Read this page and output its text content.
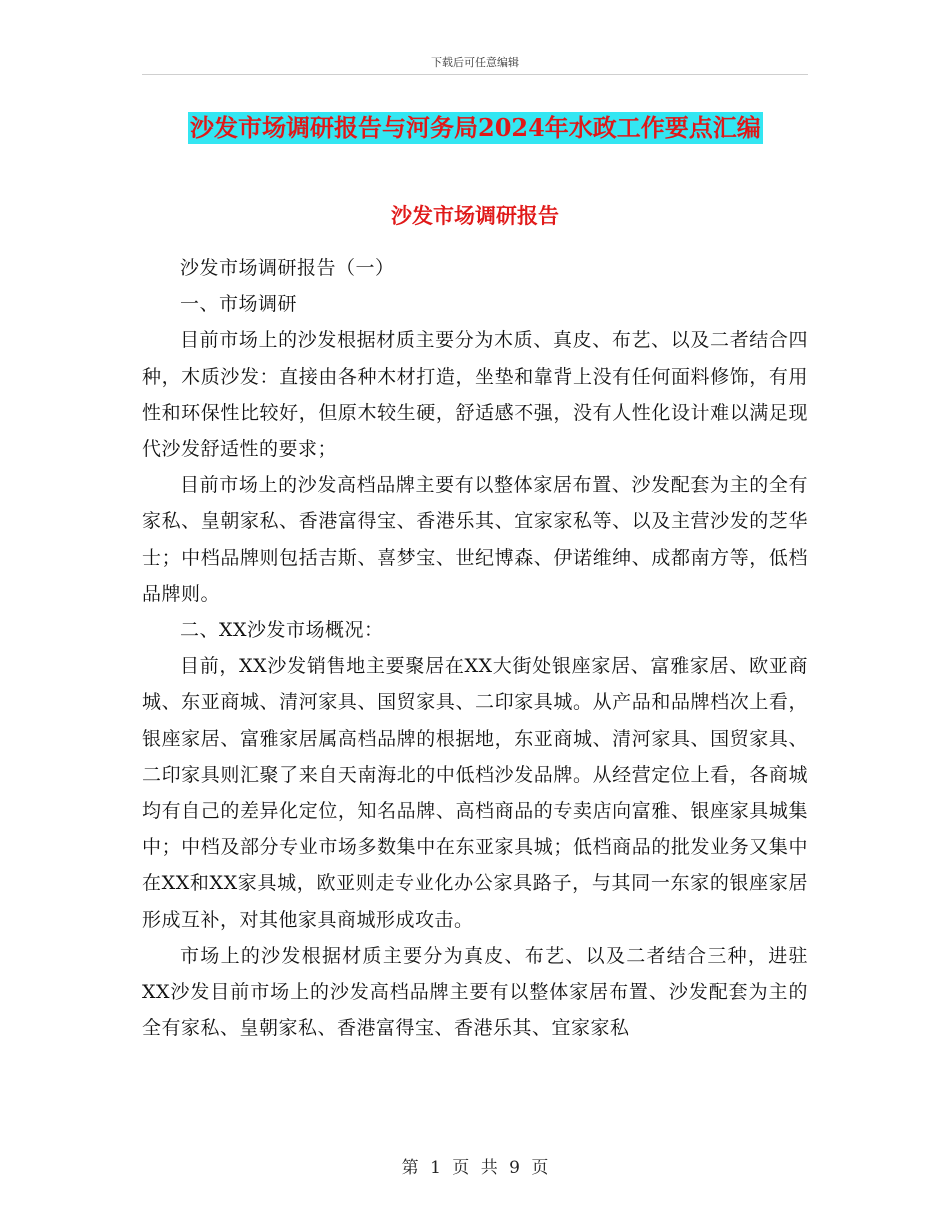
下载后可任意编辑
沙发市场调研报告与河务局2024年水政工作要点汇编
沙发市场调研报告

沙发市场调研报告（一）

一、市场调研

目前市场上的沙发根据材质主要分为木质、真皮、布艺、以及二者结合四种，木质沙发：直接由各种木材打造，坐垫和靠背上没有任何面料修饰，有用性和环保性比较好，但原木较生硬，舒适感不强，没有人性化设计难以满足现代沙发舒适性的要求；

目前市场上的沙发高档品牌主要有以整体家居布置、沙发配套为主的全有家私、皇朝家私、香港富得宝、香港乐其、宜家家私等、以及主营沙发的芝华士；中档品牌则包括吉斯、喜梦宝、世纪博森、伊诺维绅、成都南方等，低档品牌则。

二、XX沙发市场概况：

目前，XX沙发销售地主要聚居在XX大街处银座家居、富雅家居、欧亚商城、东亚商城、清河家具、国贸家具、二印家具城。从产品和品牌档次上看，银座家居、富雅家居属高档品牌的根据地，东亚商城、清河家具、国贸家具、二印家具则汇聚了来自天南海北的中低档沙发品牌。从经营定位上看，各商城均有自己的差异化定位，知名品牌、高档商品的专卖店向富雅、银座家具城集中；中档及部分专业市场多数集中在东亚家具城；低档商品的批发业务又集中在XX和XX家具城，欧亚则走专业化办公家具路子，与其同一东家的银座家居形成互补，对其他家具商城形成攻击。

市场上的沙发根据材质主要分为真皮、布艺、以及二者结合三种，进驻XX沙发目前市场上的沙发高档品牌主要有以整体家居布置、沙发配套为主的全有家私、皇朝家私、香港富得宝、香港乐其、宜家家私

第 1 页 共 9 页
